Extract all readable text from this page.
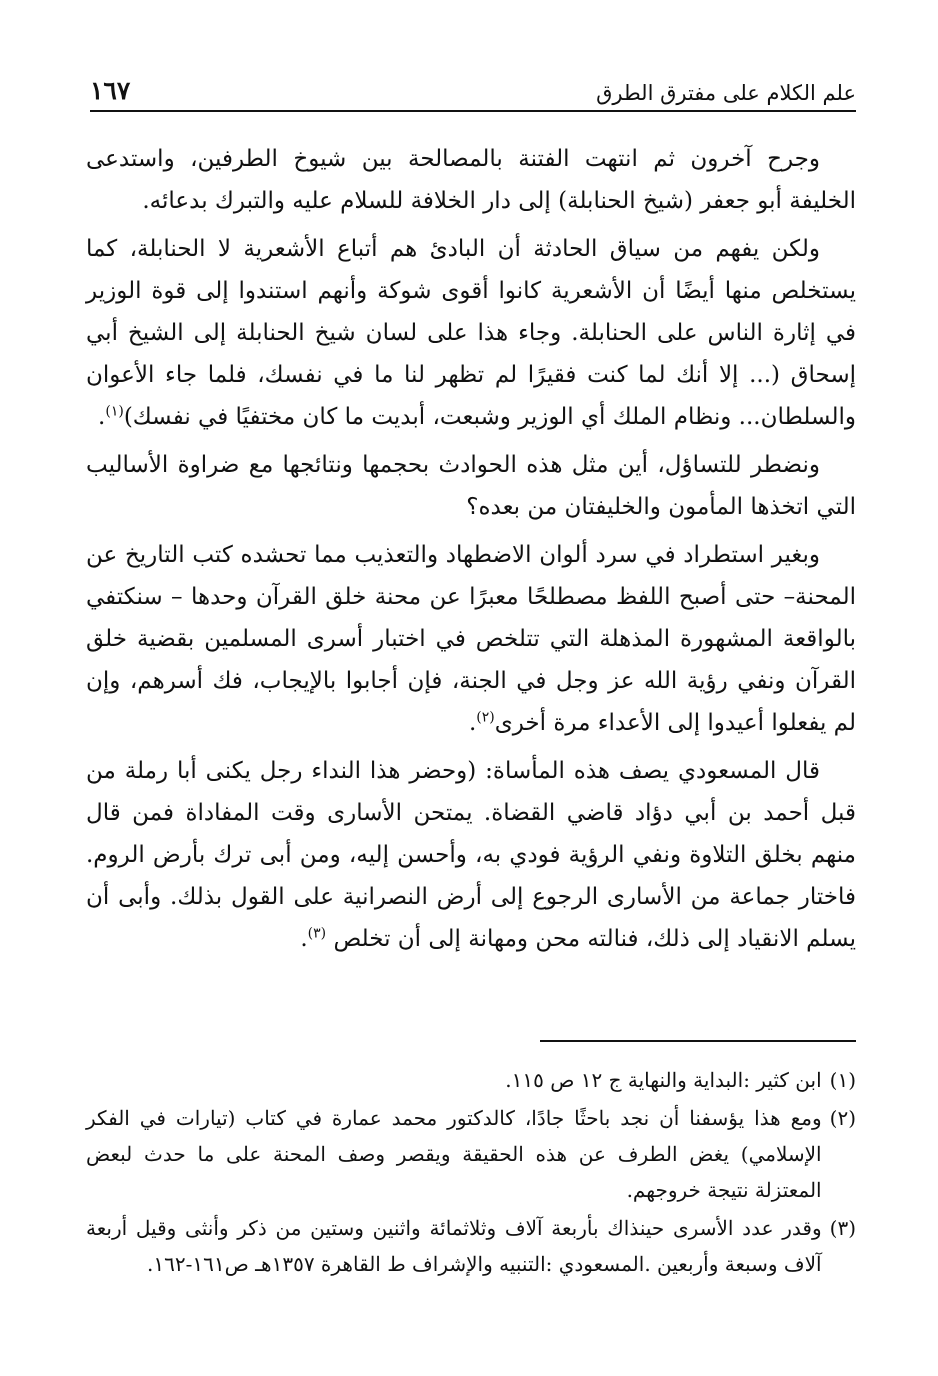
علم الكلام على مفترق الطرق
١٦٧

وجرح آخرون ثم انتهت الفتنة بالمصالحة بين شيوخ الطرفين، واستدعى الخليفة أبو جعفر (شيخ الحنابلة) إلى دار الخلافة للسلام عليه والتبرك بدعائه.

ولكن يفهم من سياق الحادثة أن البادئ هم أتباع الأشعرية لا الحنابلة، كما يستخلص منها أيضًا أن الأشعرية كانوا أقوى شوكة وأنهم استندوا إلى قوة الوزير في إثارة الناس على الحنابلة. وجاء هذا على لسان شيخ الحنابلة إلى الشيخ أبي إسحاق (... إلا أنك لما كنت فقيرًا لم تظهر لنا ما في نفسك، فلما جاء الأعوان والسلطان... ونظام الملك أي الوزير وشبعت، أبديت ما كان مختفيًا في نفسك)$^{(١)}$.

ونضطر للتساؤل، أين مثل هذه الحوادث بحجمها ونتائجها مع ضراوة الأساليب التي اتخذها المأمون والخليفتان من بعده؟

وبغير استطراد في سرد ألوان الاضطهاد والتعذيب مما تحشده كتب التاريخ عن المحنة– حتى أصبح اللفظ مصطلحًا معبرًا عن محنة خلق القرآن وحدها – سنكتفي بالواقعة المشهورة المذهلة التي تتلخص في اختبار أسرى المسلمين بقضية خلق القرآن ونفي رؤية الله عز وجل في الجنة، فإن أجابوا بالإيجاب، فك أسرهم، وإن لم يفعلوا أعيدوا إلى الأعداء مرة أخرى$^{(٢)}$.

قال المسعودي يصف هذه المأساة: (وحضر هذا النداء رجل يكنى أبا رملة من قبل أحمد بن أبي دؤاد قاضي القضاة. يمتحن الأسارى وقت المفاداة فمن قال منهم بخلق التلاوة ونفي الرؤية فودي به، وأحسن إليه، ومن أبى ترك بأرض الروم. فاختار جماعة من الأسارى الرجوع إلى أرض النصرانية على القول بذلك. وأبى أن يسلم الانقياد إلى ذلك، فنالته محن ومهانة إلى أن تخلص $^{(٣)}$.

(١)
ابن كثير :البداية والنهاية ج ١٢ ص ١١٥.
(٢)
ومع هذا يؤسفنا أن نجد باحثًا جادًا، كالدكتور محمد عمارة في كتاب (تيارات في الفكر الإسلامي) يغض الطرف عن هذه الحقيقة ويقصر وصف المحنة على ما حدث لبعض المعتزلة نتيجة خروجهم.
(٣)
وقدر عدد الأسرى حينذاك بأربعة آلاف وثلاثمائة واثنين وستين من ذكر وأنثى وقيل أربعة آلاف وسبعة وأربعين .المسعودي :التنبيه والإشراف ط القاهرة ١٣٥٧هـ ص١٦١-١٦٢.
